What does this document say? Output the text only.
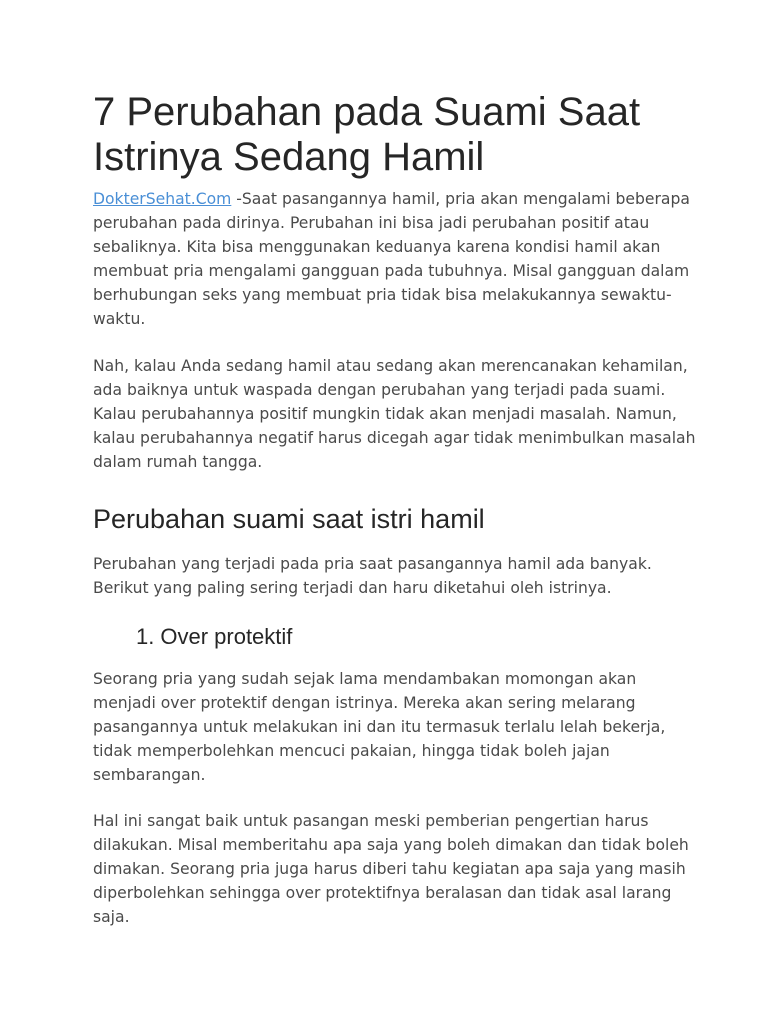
7 Perubahan pada Suami Saat Istrinya Sedang Hamil
DokterSehat.Com -Saat pasangannya hamil, pria akan mengalami beberapa
perubahan pada dirinya. Perubahan ini bisa jadi perubahan positif atau
sebaliknya. Kita bisa menggunakan keduanya karena kondisi hamil akan
membuat pria mengalami gangguan pada tubuhnya. Misal gangguan dalam
berhubungan seks yang membuat pria tidak bisa melakukannya sewaktu-
waktu.
Nah, kalau Anda sedang hamil atau sedang akan merencanakan kehamilan,
ada baiknya untuk waspada dengan perubahan yang terjadi pada suami.
Kalau perubahannya positif mungkin tidak akan menjadi masalah. Namun,
kalau perubahannya negatif harus dicegah agar tidak menimbulkan masalah
dalam rumah tangga.
Perubahan suami saat istri hamil
Perubahan yang terjadi pada pria saat pasangannya hamil ada banyak.
Berikut yang paling sering terjadi dan haru diketahui oleh istrinya.
1. Over protektif
Seorang pria yang sudah sejak lama mendambakan momongan akan
menjadi over protektif dengan istrinya. Mereka akan sering melarang
pasangannya untuk melakukan ini dan itu termasuk terlalu lelah bekerja,
tidak memperbolehkan mencuci pakaian, hingga tidak boleh jajan
sembarangan.
Hal ini sangat baik untuk pasangan meski pemberian pengertian harus
dilakukan. Misal memberitahu apa saja yang boleh dimakan dan tidak boleh
dimakan. Seorang pria juga harus diberi tahu kegiatan apa saja yang masih
diperbolehkan sehingga over protektifnya beralasan dan tidak asal larang
saja.
